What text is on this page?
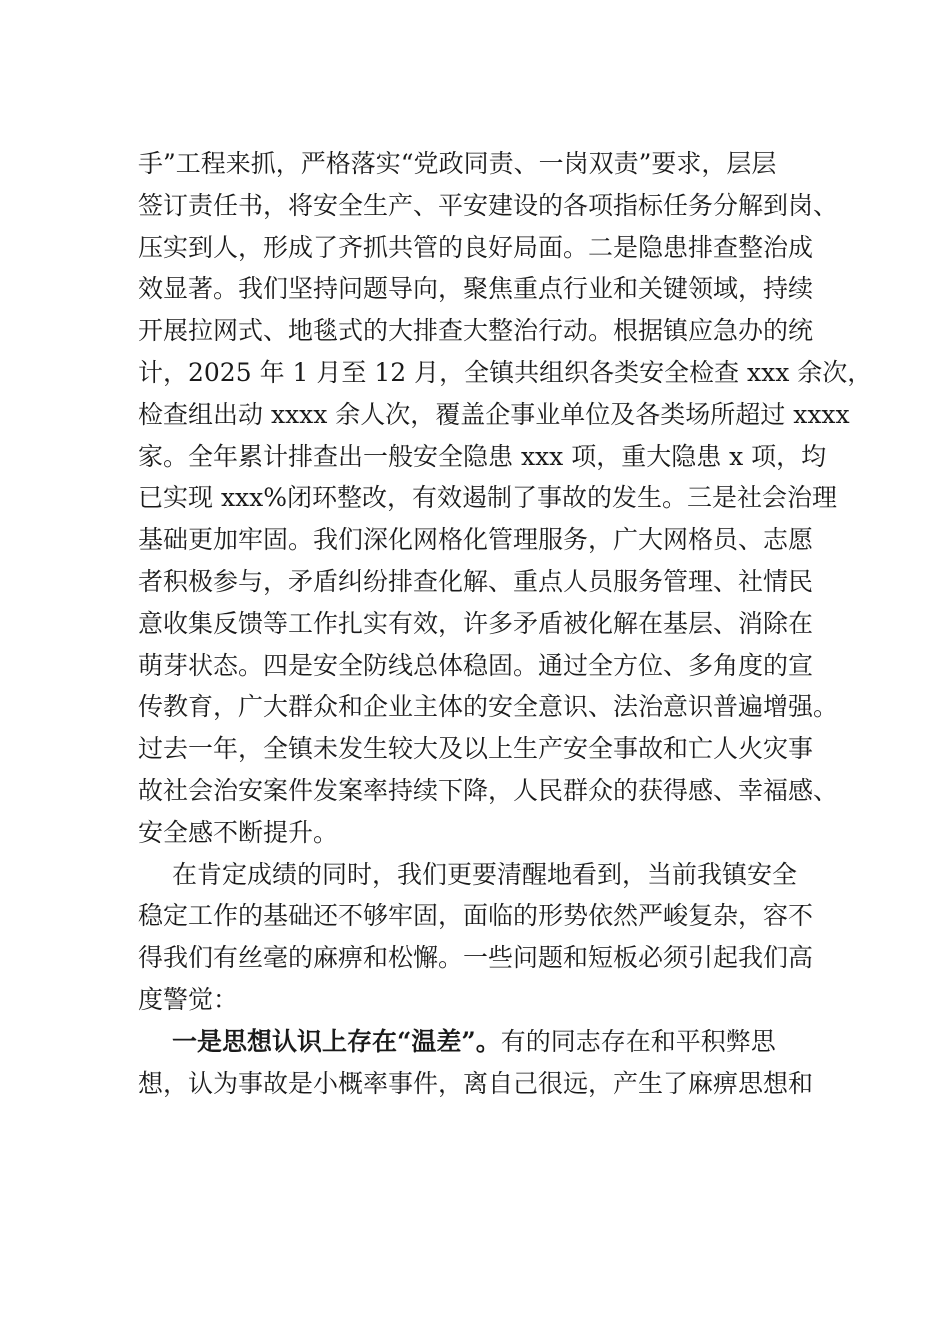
手”工程来抓，严格落实“党政同责、一岗双责”要求，层层
签订责任书，将安全生产、平安建设的各项指标任务分解到岗、
压实到人，形成了齐抓共管的良好局面。二是隐患排查整治成
效显著。我们坚持问题导向，聚焦重点行业和关键领域，持续
开展拉网式、地毯式的大排查大整治行动。根据镇应急办的统
计，2025 年 1 月至 12 月，全镇共组织各类安全检查 xxx 余次，
检查组出动 xxxx 余人次，覆盖企事业单位及各类场所超过 xxxx
家。全年累计排查出一般安全隐患 xxx 项，重大隐患 x 项，均
已实现 xxx%闭环整改，有效遏制了事故的发生。三是社会治理
基础更加牢固。我们深化网格化管理服务，广大网格员、志愿
者积极参与，矛盾纠纷排查化解、重点人员服务管理、社情民
意收集反馈等工作扎实有效，许多矛盾被化解在基层、消除在
萌芽状态。四是安全防线总体稳固。通过全方位、多角度的宣
传教育，广大群众和企业主体的安全意识、法治意识普遍增强。
过去一年，全镇未发生较大及以上生产安全事故和亡人火灾事
故社会治安案件发案率持续下降，人民群众的获得感、幸福感、
安全感不断提升。
在肯定成绩的同时，我们更要清醒地看到，当前我镇安全
稳定工作的基础还不够牢固，面临的形势依然严峻复杂，容不
得我们有丝毫的麻痹和松懈。一些问题和短板必须引起我们高
度警觉：
一是思想认识上存在“温差”。有的同志存在和平积弊思
想，认为事故是小概率事件，离自己很远，产生了麻痹思想和
